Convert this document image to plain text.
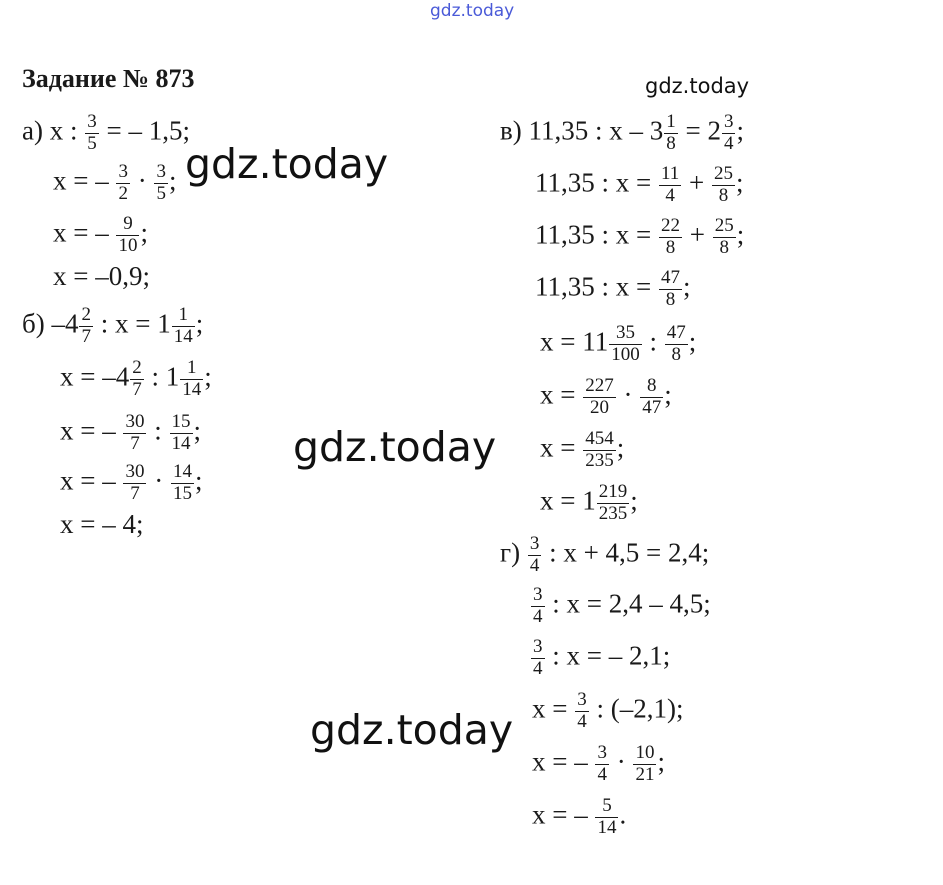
gdz.today
gdz.today
gdz.today
gdz.today
gdz.today
Задание № 873
а) x : $\frac{3}{5}$ = – 1,5;
x = – $\frac{3}{2} \cdot \frac{3}{5}$ ;
x = – $\frac{9}{10}$ ;
x = –0,9;
б) $-4 \frac{2}{7}$ : $x = 1 \frac{1}{14}$ ;
$x = -4 \frac{2}{7}$ : $1 \frac{1}{14}$ ;
x = – $\frac{30}{7}$ : $\frac{15}{14}$ ;
x = – $\frac{30}{7} \cdot \frac{14}{15}$ ;
x = – 4;
в) 11,35 : $x - 3 \frac{1}{8} = 2 \frac{3}{4}$ ;
11,35 : $x = \frac{11}{4} + \frac{25}{8}$ ;
11,35 : $x = \frac{22}{8} + \frac{25}{8}$ ;
11,35 : $x = \frac{47}{8}$ ;
$x = 11 \frac{35}{100}$ : $\frac{47}{8}$ ;
$x = \frac{227}{20} \cdot \frac{8}{47}$ ;
$x = \frac{454}{235}$ ;
$x = 1 \frac{219}{235}$ ;
$г) \frac{3}{4}$ : x + 4,5 = 2,4;
$\frac{3}{4}$ : x = 2,4 – 4,5;
$\frac{3}{4}$ : x = – 2,1;
$x = \frac{3}{4}$ : (–2,1);
x = – $\frac{3}{4} \cdot \frac{10}{21}$ ;
x = – $\frac{5}{14}$ .
